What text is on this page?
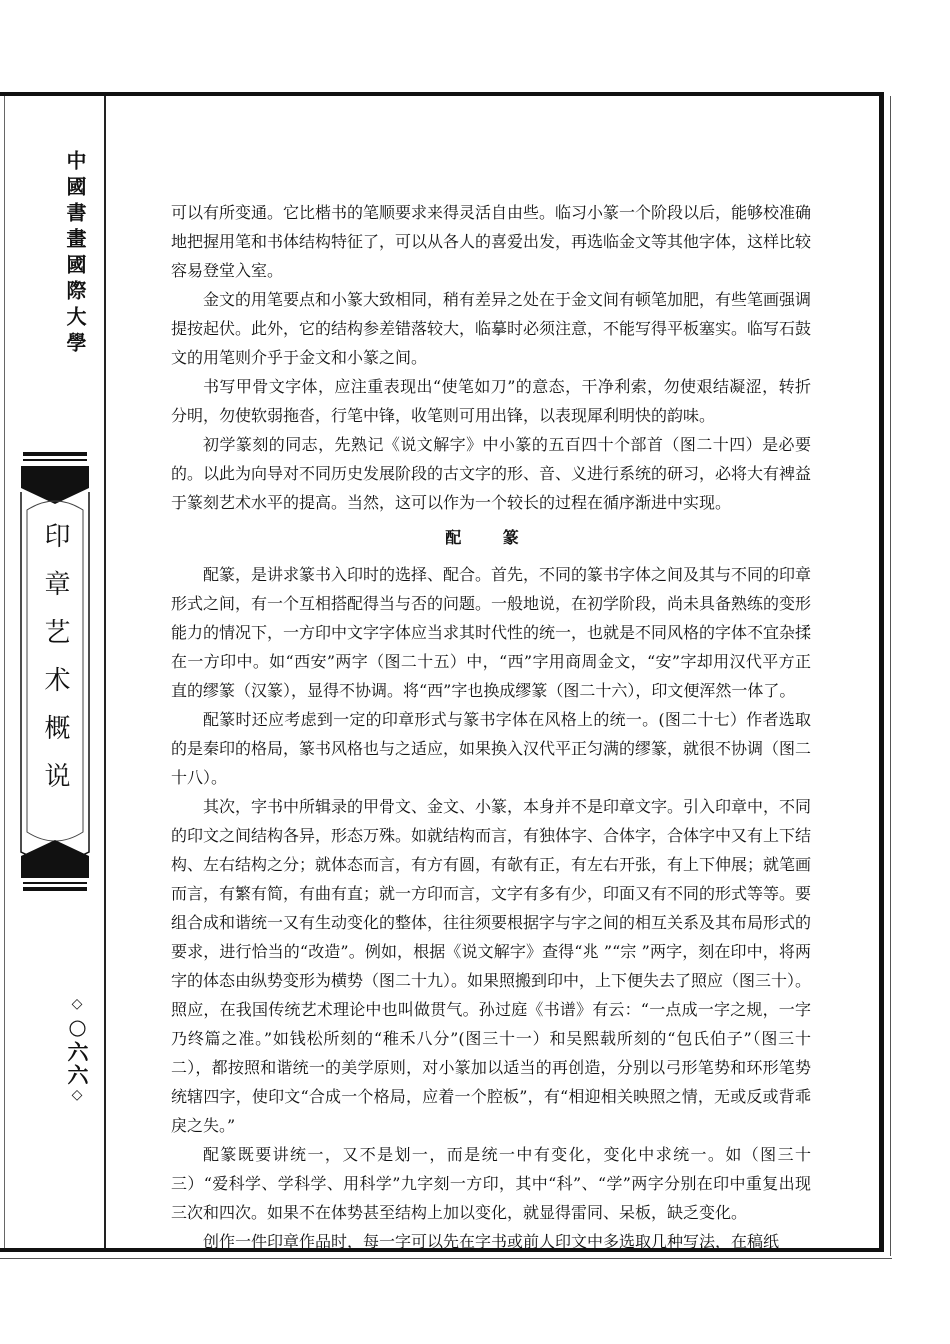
中國書畫國際大學
印章艺术概说
◇○六六◇

可以有所变通。它比楷书的笔顺要求来得灵活自由些。临习小篆一个阶段以后，能够校准确地把握用笔和书体结构特征了，可以从各人的喜爱出发，再选临金文等其他字体，这样比较容易登堂入室。

金文的用笔要点和小篆大致相同，稍有差异之处在于金文间有顿笔加肥，有些笔画强调提按起伏。此外，它的结构参差错落较大，临摹时必须注意，不能写得平板塞实。临写石鼓文的用笔则介乎于金文和小篆之间。

书写甲骨文字体，应注重表现出“使笔如刀”的意态，干净利索，勿使艰结凝涩，转折分明，勿使软弱拖沓，行笔中锋，收笔则可用出锋，以表现犀利明快的韵味。

初学篆刻的同志，先熟记《说文解字》中小篆的五百四十个部首（图二十四）是必要的。以此为向导对不同历史发展阶段的古文字的形、音、义进行系统的研习，必将大有裨益于篆刻艺术水平的提高。当然，这可以作为一个较长的过程在循序渐进中实现。

配 篆

配篆，是讲求篆书入印时的选择、配合。首先，不同的篆书字体之间及其与不同的印章形式之间，有一个互相搭配得当与否的问题。一般地说，在初学阶段，尚未具备熟练的变形能力的情况下，一方印中文字字体应当求其时代性的统一，也就是不同风格的字体不宜杂揉在一方印中。如“西安”两字（图二十五）中，“西”字用商周金文，“安”字却用汉代平方正直的缪篆（汉篆），显得不协调。将“西”字也换成缪篆（图二十六），印文便浑然一体了。

配篆时还应考虑到一定的印章形式与篆书字体在风格上的统一。(图二十七）作者选取的是秦印的格局，篆书风格也与之适应，如果换入汉代平正匀满的缪篆，就很不协调（图二十八）。

其次，字书中所辑录的甲骨文、金文、小篆，本身并不是印章文字。引入印章中，不同的印文之间结构各异，形态万殊。如就结构而言，有独体字、合体字，合体字中又有上下结构、左右结构之分；就体态而言，有方有圆，有欹有正，有左右开张，有上下伸展；就笔画而言，有繁有简，有曲有直；就一方印而言，文字有多有少，印面又有不同的形式等等。要组合成和谐统一又有生动变化的整体，往往须要根据字与字之间的相互关系及其布局形式的要求，进行恰当的“改造”。例如，根据《说文解字》查得“兆 ”“宗 ”两字，刻在印中，将两字的体态由纵势变形为横势（图二十九）。如果照搬到印中，上下便失去了照应（图三十）。照应，在我国传统艺术理论中也叫做贯气。孙过庭《书谱》有云：“一点成一字之规，一字乃终篇之准。”如钱松所刻的“稚禾八分”(图三十一）和吴熙载所刻的“包氏伯子”（图三十二），都按照和谐统一的美学原则，对小篆加以适当的再创造，分别以弓形笔势和环形笔势统辖四字，使印文“合成一个格局，应着一个腔板”，有“相迎相关映照之情，无或反或背乖戾之失。”

配篆既要讲统一，又不是划一，而是统一中有变化，变化中求统一。如（图三十三）“爱科学、学科学、用科学”九字刻一方印，其中“科”、“学”两字分别在印中重复出现三次和四次。如果不在体势甚至结构上加以变化，就显得雷同、呆板，缺乏变化。

创作一件印章作品时，每一字可以先在字书或前人印文中多选取几种写法，在稿纸
